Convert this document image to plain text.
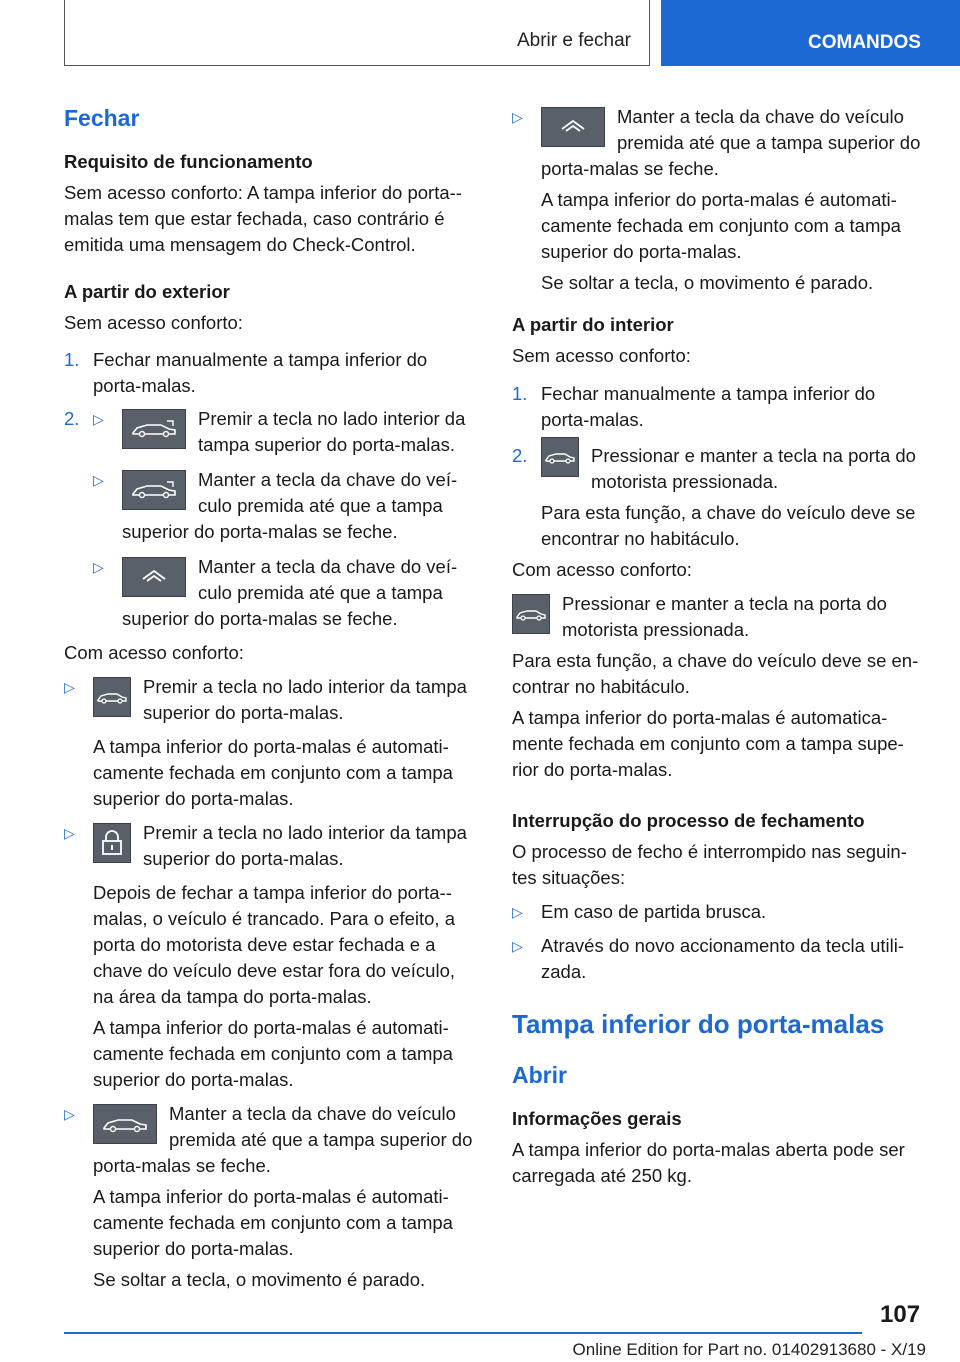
Abrir e fechar	COMANDOS
Fechar
Requisito de funcionamento

Sem acesso conforto: A tampa inferior do porta--malas tem que estar fechada, caso contrário é emitida uma mensagem do Check-Control.

A partir do exterior

Sem acesso conforto:

1. Fechar manualmente a tampa inferior do porta-malas.
2. ▷	Premir a tecla no lado interior da tampa superior do porta-malas.
▷	Manter a tecla da chave do veí-culo premida até que a tampa superior do porta-malas se feche.
▷	Manter a tecla da chave do veí-culo premida até que a tampa superior do porta-malas se feche.

Com acesso conforto:

▷	Premir a tecla no lado interior da tampa superior do porta-malas.

A tampa inferior do porta-malas é automati-camente fechada em conjunto com a tampa superior do porta-malas.

▷	Premir a tecla no lado interior da tampa superior do porta-malas.

Depois de fechar a tampa inferior do porta--malas, o veículo é trancado. Para o efeito, a porta do motorista deve estar fechada e a chave do veículo deve estar fora do veículo, na área da tampa do porta-malas.

A tampa inferior do porta-malas é automati-camente fechada em conjunto com a tampa superior do porta-malas.

▷	Manter a tecla da chave do veículo premida até que a tampa superior do porta-malas se feche.

A tampa inferior do porta-malas é automati-camente fechada em conjunto com a tampa superior do porta-malas.

Se soltar a tecla, o movimento é parado.

▷	Manter a tecla da chave do veículo premida até que a tampa superior do porta-malas se feche.

A tampa inferior do porta-malas é automati-camente fechada em conjunto com a tampa superior do porta-malas.

Se soltar a tecla, o movimento é parado.

A partir do interior

Sem acesso conforto:

1. Fechar manualmente a tampa inferior do porta-malas.
2.	Pressionar e manter a tecla na porta do motorista pressionada.

Para esta função, a chave do veículo deve se encontrar no habitáculo.

Com acesso conforto:

Pressionar e manter a tecla na porta do motorista pressionada.

Para esta função, a chave do veículo deve se en-contrar no habitáculo.

A tampa inferior do porta-malas é automatica-mente fechada em conjunto com a tampa supe-rior do porta-malas.

Interrupção do processo de fechamento

O processo de fecho é interrompido nas seguin-tes situações:

▷ Em caso de partida brusca.
▷ Através do novo accionamento da tecla utili-zada.
Tampa inferior do porta-malas
Abrir
Informações gerais

A tampa inferior do porta-malas aberta pode ser carregada até 250 kg.

107
Online Edition for Part no. 01402913680 - X/19
